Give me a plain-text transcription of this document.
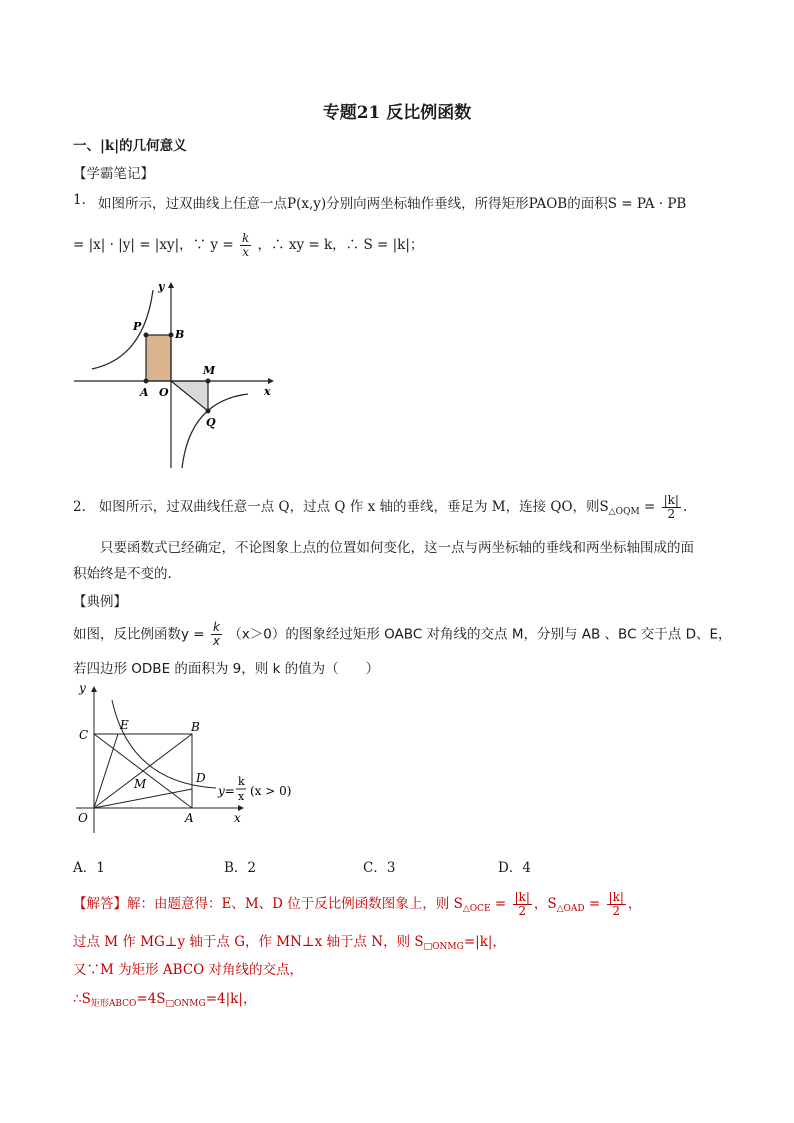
专题21 反比例函数
一、|k|的几何意义
【学霸笔记】
1. 如图所示，过双曲线上任意一点P(x,y)分别向两坐标轴作垂线，所得矩形PAOB的面积S = PA · PB
= |x| · |y| = |xy|，∵ $y = \frac{k}{x}$ ，∴ xy = k，∴ S = |k|；
y
x
P
B
A O
M
Q
2. 如图所示，过双曲线任意一点 Q，过点 Q 作 x 轴的垂线，垂足为 M，连接 QO，则$S_{\triangle OQM} = \frac{|k|}{2}$ .
只要函数式已经确定，不论图象上点的位置如何变化，这一点与两坐标轴的垂线和两坐标轴围成的面
积始终是不变的.
【典例】
如图，反比例函数$y = \frac{k}{x} (x>0)$的图象经过矩形 OABC 对角线的交点 M，分别与 AB 、BC 交于点 D、E，
若四边形 ODBE 的面积为 9，则 k 的值为（　　）
y
x
C
E	B
M	D
O	A
y=
k
x (x > 0)
A．1	B．2	C．3	D．4
【解答】解：由题意得：E、M、D 位于反比例函数图象上，则 $S_{\triangle OCE} = \frac{|k|}{2}$ ，$S_{\triangle OAD} = \frac{|k|}{2}$ ，
过点 M 作 MG⊥y 轴于点 G，作 MN⊥x 轴于点 N，则 $S_{□ONMG}=|k|$，
又∵M 为矩形 ABCO 对角线的交点，
$\therefore S_{矩形ABCO}=4S_{□ONMG}=4|k|$，
